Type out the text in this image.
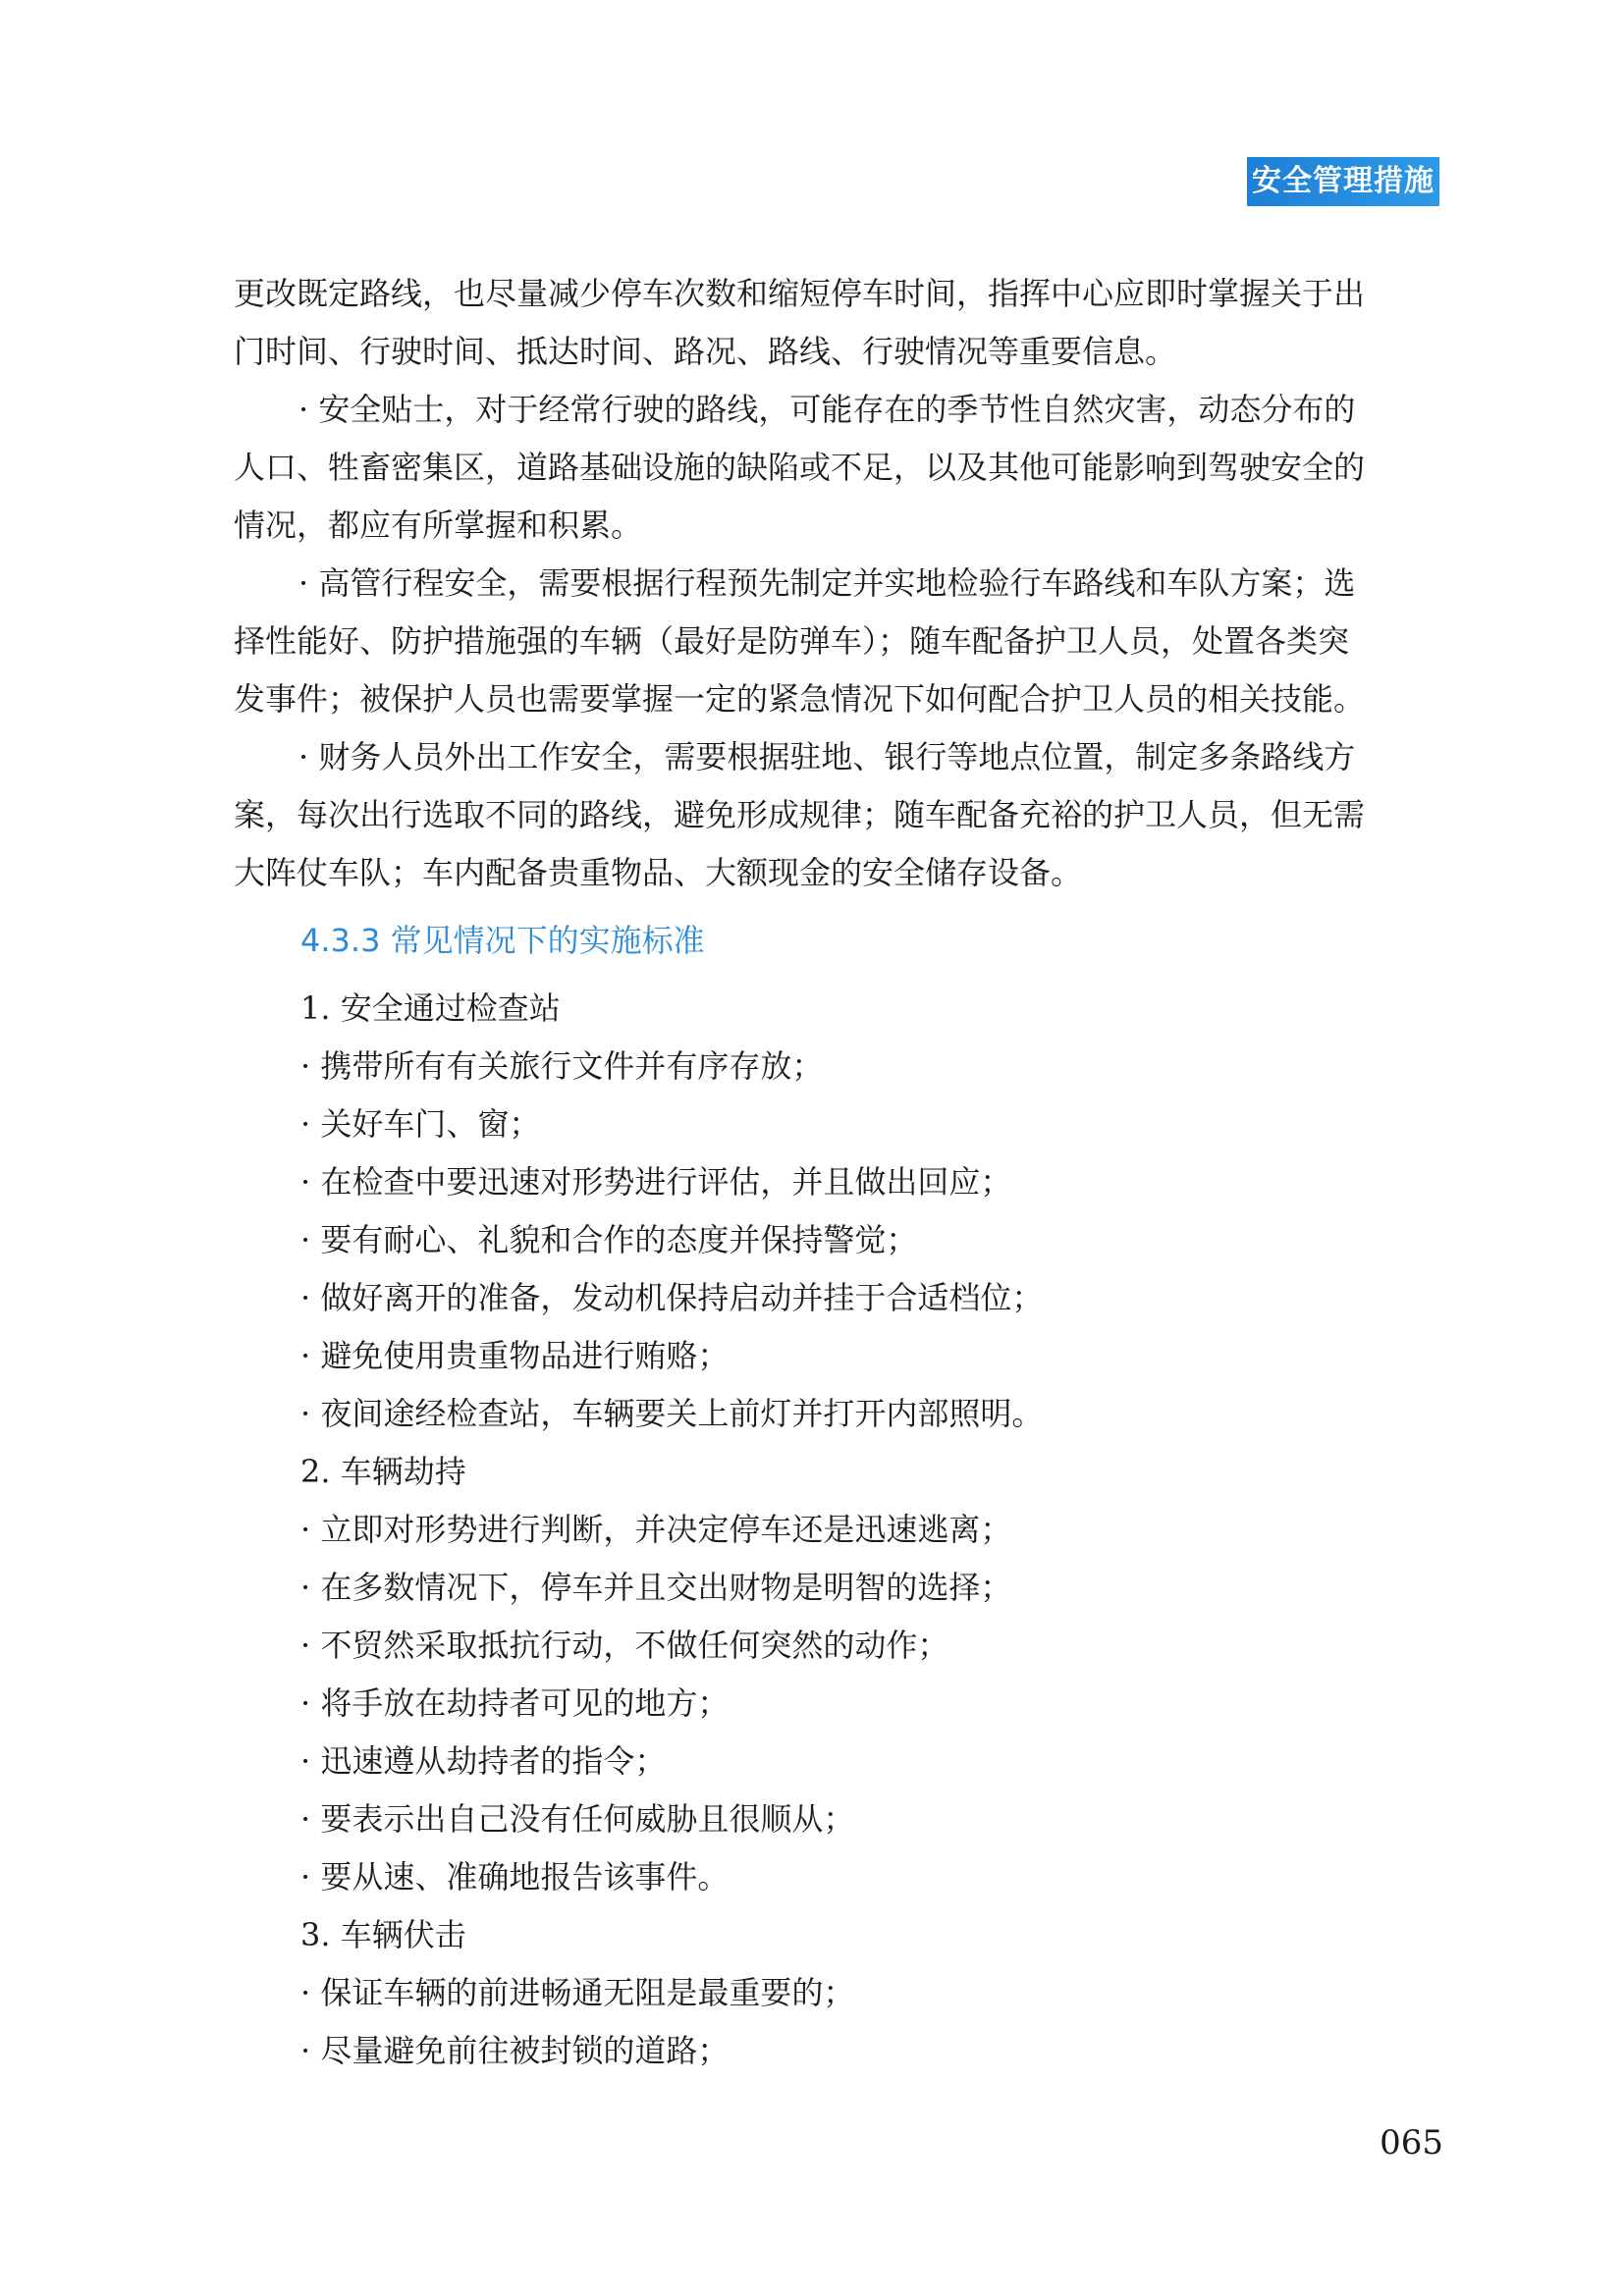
安全管理措施

更改既定路线，也尽量减少停车次数和缩短停车时间，指挥中心应即时掌握关于出
门时间、行驶时间、抵达时间、路况、路线、行驶情况等重要信息。

· 安全贴士，对于经常行驶的路线，可能存在的季节性自然灾害，动态分布的
人口、牲畜密集区，道路基础设施的缺陷或不足，以及其他可能影响到驾驶安全的
情况，都应有所掌握和积累。

· 高管行程安全，需要根据行程预先制定并实地检验行车路线和车队方案；选
择性能好、防护措施强的车辆（最好是防弹车）；随车配备护卫人员，处置各类突
发事件；被保护人员也需要掌握一定的紧急情况下如何配合护卫人员的相关技能。

· 财务人员外出工作安全，需要根据驻地、银行等地点位置，制定多条路线方
案，每次出行选取不同的路线，避免形成规律；随车配备充裕的护卫人员，但无需
大阵仗车队；车内配备贵重物品、大额现金的安全储存设备。

4.3.3 常见情况下的实施标准
1. 安全通过检查站
· 携带所有有关旅行文件并有序存放；
· 关好车门、窗；
· 在检查中要迅速对形势进行评估，并且做出回应；
· 要有耐心、礼貌和合作的态度并保持警觉；
· 做好离开的准备，发动机保持启动并挂于合适档位；
· 避免使用贵重物品进行贿赂；
· 夜间途经检查站，车辆要关上前灯并打开内部照明。
2. 车辆劫持
· 立即对形势进行判断，并决定停车还是迅速逃离；
· 在多数情况下，停车并且交出财物是明智的选择；
· 不贸然采取抵抗行动，不做任何突然的动作；
· 将手放在劫持者可见的地方；
· 迅速遵从劫持者的指令；
· 要表示出自己没有任何威胁且很顺从；
· 要从速、准确地报告该事件。
3. 车辆伏击
· 保证车辆的前进畅通无阻是最重要的；
· 尽量避免前往被封锁的道路；
065
